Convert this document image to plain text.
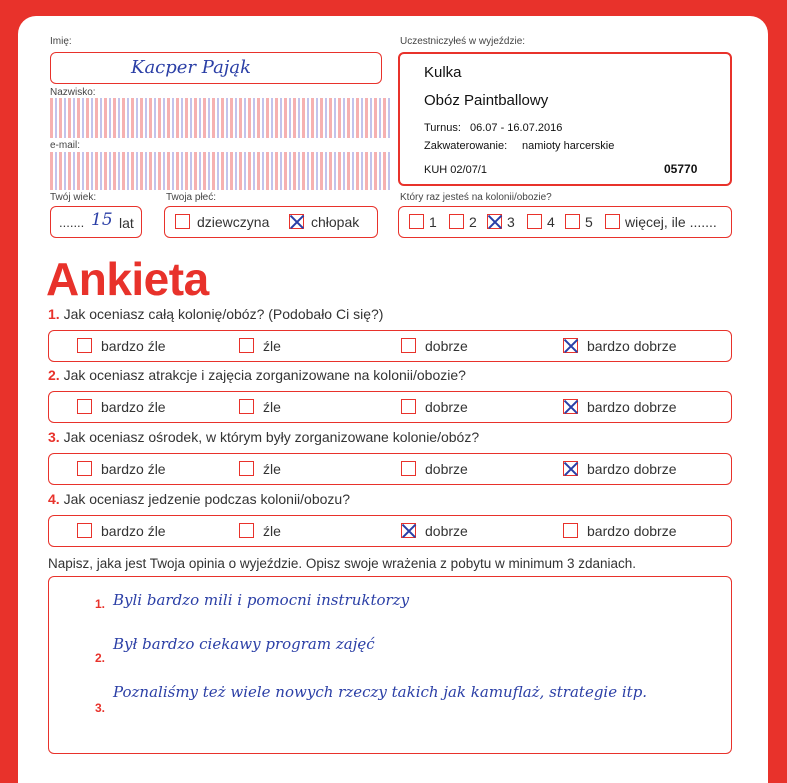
Imię:
Kacper Pająk
Nazwisko:
e-mail:
Twój wiek:
....... 15 lat
Twoja płeć:
dziewczyna	chłopak
Uczestniczyłeś w wyjeździe:
Kulka
Obóz Paintballowy
Turnus: 06.07 - 16.07.2016
Zakwaterowanie: namioty harcerskie
KUH 02/07/1	05770
Który raz jesteś na kolonii/obozie?
1 2 3 4 5 więcej, ile .......
Ankieta
1. Jak oceniasz całą kolonię/obóz? (Podobało Ci się?)
bardzo źle	źle	dobrze	bardzo dobrze
2. Jak oceniasz atrakcje i zajęcia zorganizowane na kolonii/obozie?
bardzo źle	źle	dobrze	bardzo dobrze
3. Jak oceniasz ośrodek, w którym były zorganizowane kolonie/obóz?
bardzo źle	źle	dobrze	bardzo dobrze
4. Jak oceniasz jedzenie podczas kolonii/obozu?
bardzo źle	źle	dobrze	bardzo dobrze
Napisz, jaka jest Twoja opinia o wyjeździe. Opisz swoje wrażenia z pobytu w minimum 3 zdaniach.
1. Byli bardzo mili i pomocni instruktorzy
2.
Był bardzo ciekawy program zajęć
3.
Poznaliśmy też wiele nowych rzeczy takich jak kamuflaż, strategie itp.
